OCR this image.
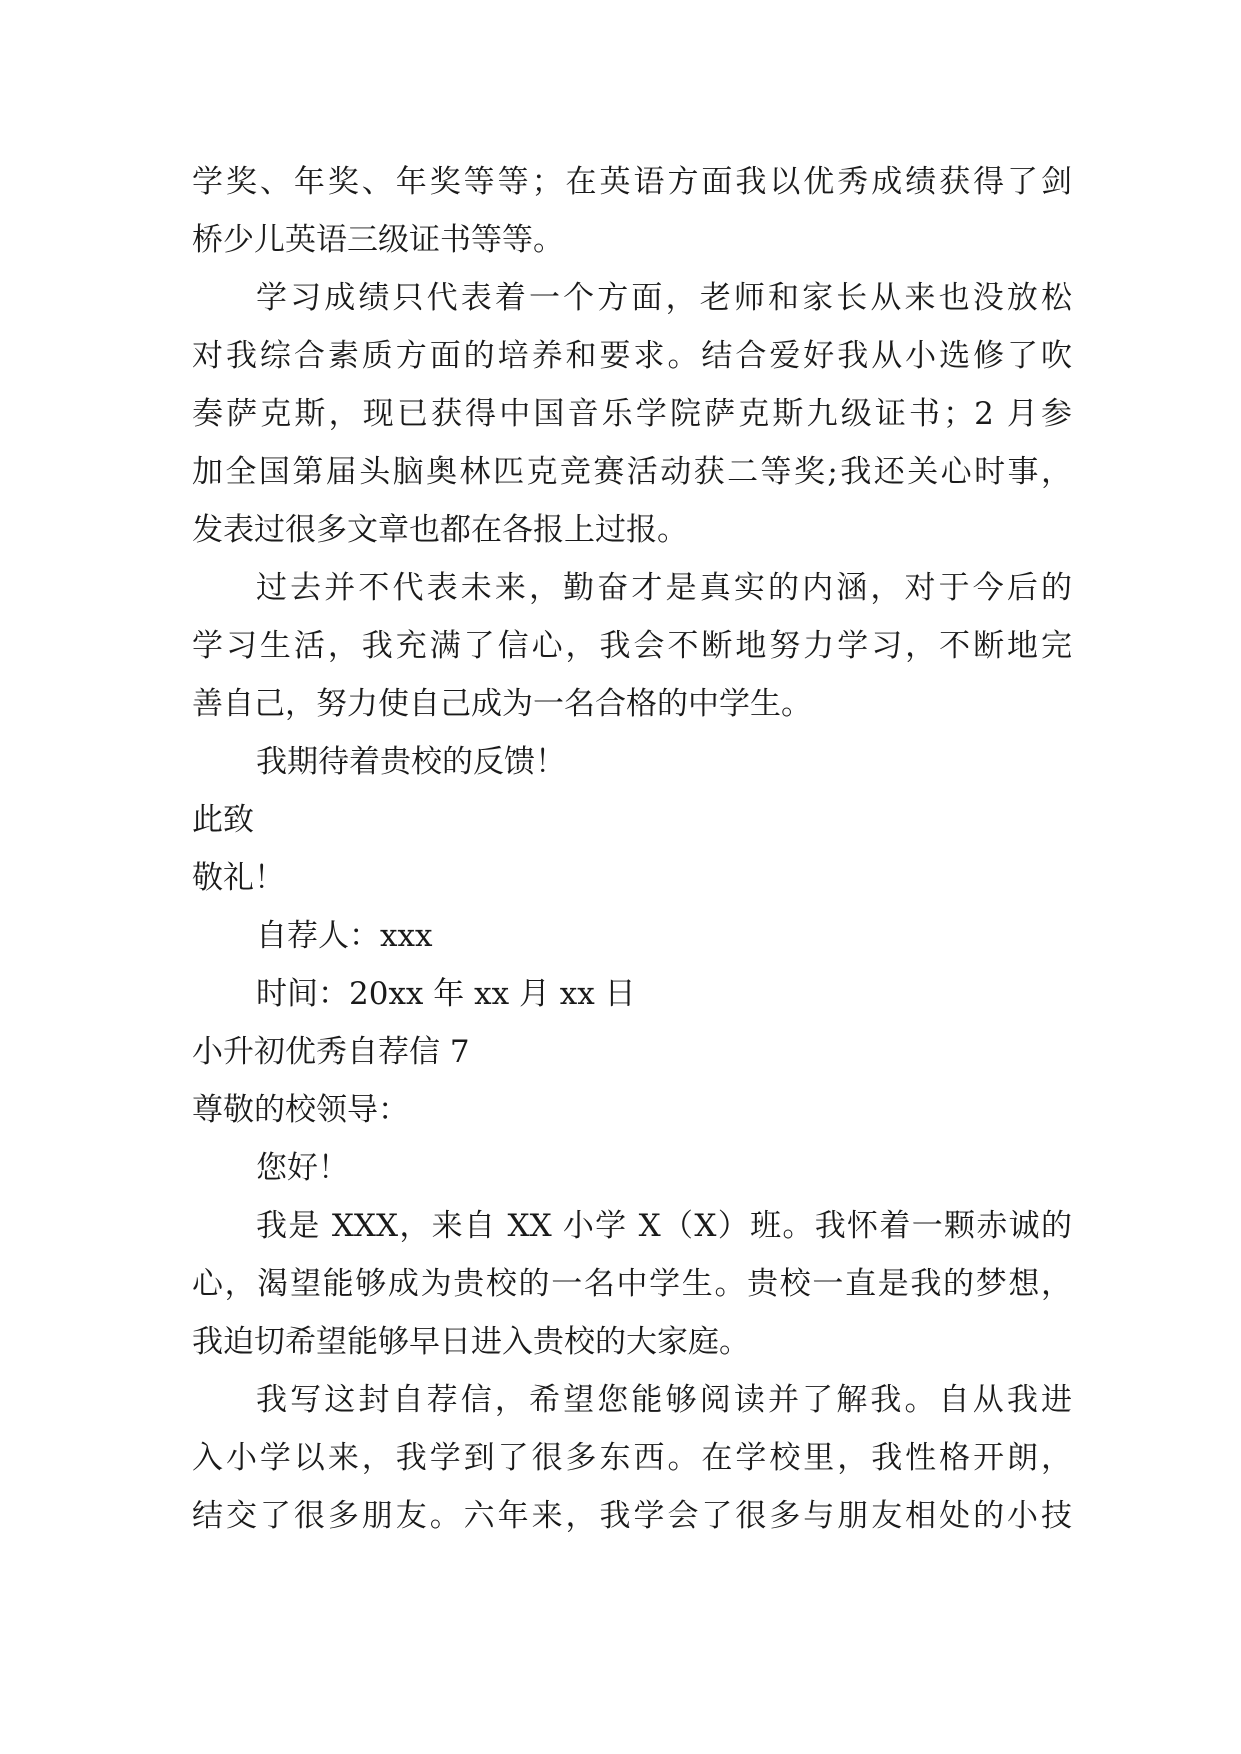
学奖、年奖、年奖等等；在英语方面我以优秀成绩获得了剑
桥少儿英语三级证书等等。
学习成绩只代表着一个方面，老师和家长从来也没放松
对我综合素质方面的培养和要求。结合爱好我从小选修了吹
奏萨克斯，现已获得中国音乐学院萨克斯九级证书；2 月参
加全国第届头脑奥林匹克竞赛活动获二等奖;我还关心时事，
发表过很多文章也都在各报上过报。
过去并不代表未来，勤奋才是真实的内涵，对于今后的
学习生活，我充满了信心，我会不断地努力学习，不断地完
善自己，努力使自己成为一名合格的中学生。
我期待着贵校的反馈！
此致
敬礼！
自荐人：xxx
时间：20xx 年 xx 月 xx 日
小升初优秀自荐信 7
尊敬的校领导：
您好！
我是 XXX，来自 XX 小学 X（X）班。我怀着一颗赤诚的
心，渴望能够成为贵校的一名中学生。贵校一直是我的梦想，
我迫切希望能够早日进入贵校的大家庭。
我写这封自荐信，希望您能够阅读并了解我。自从我进
入小学以来，我学到了很多东西。在学校里，我性格开朗，
结交了很多朋友。六年来，我学会了很多与朋友相处的小技
